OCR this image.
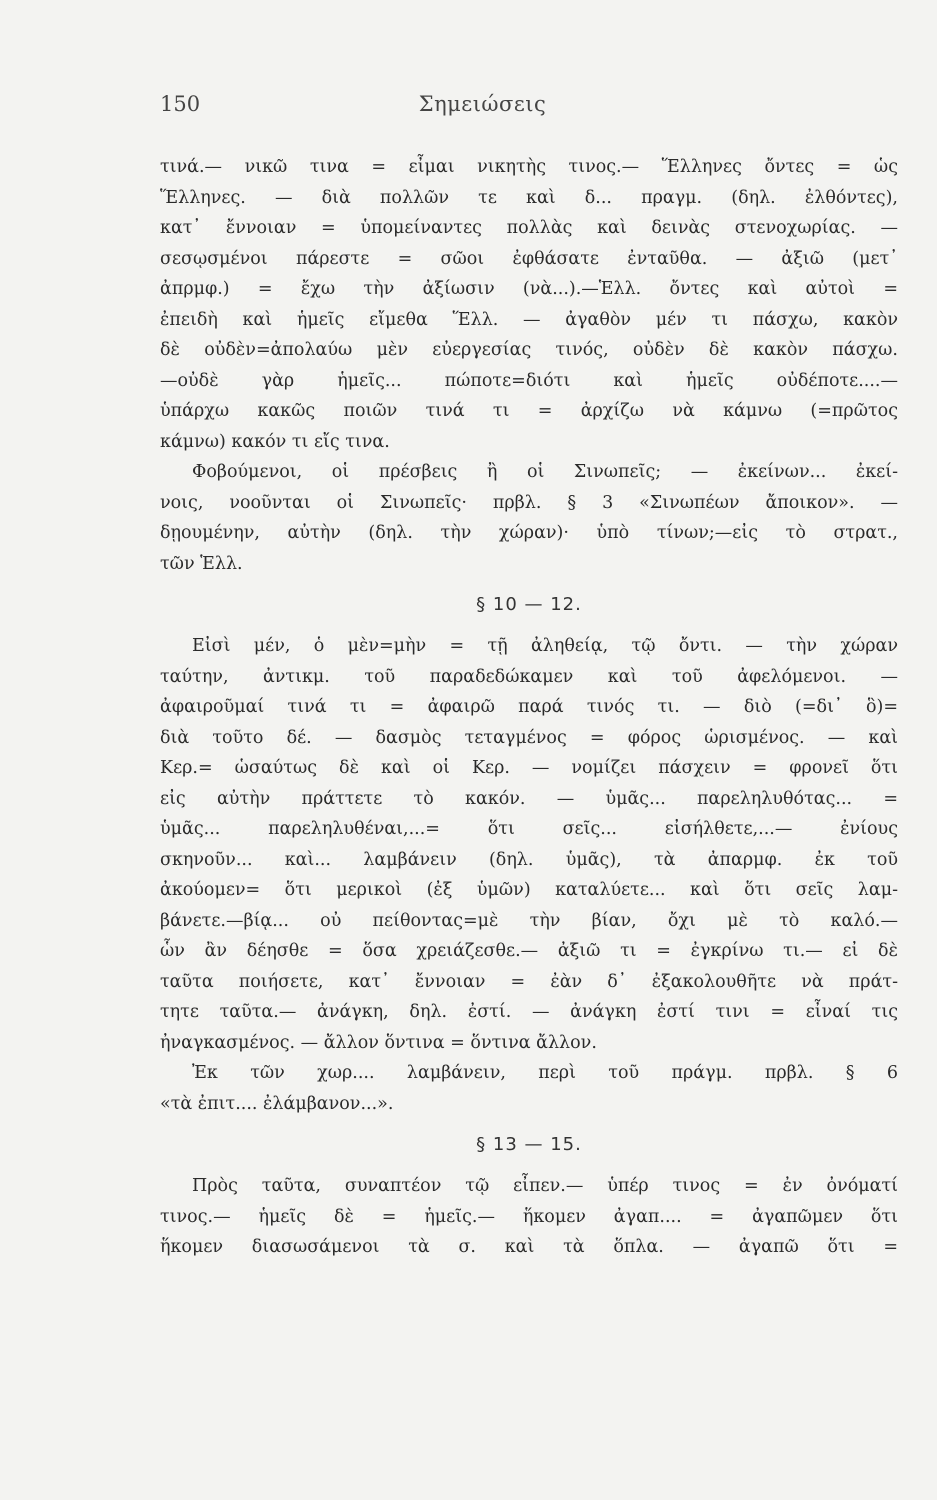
150	Σημειώσεις
τινά.— νικῶ τινα = εἶμαι νικητὴς τινος.— Ἕλληνες ὄντες = ὡς
Ἕλληνες. — διὰ πολλῶν τε καὶ δ... πραγμ. (δηλ. ἐλθόντες),
κατ᾽ ἔννοιαν = ὑπομείναντες πολλὰς καὶ δεινὰς στενοχωρίας. —
σεσῳσμένοι πάρεστε = σῶοι ἐφθάσατε ἐνταῦθα. — ἀξιῶ (μετ᾽
ἀπρμφ.) = ἔχω τὴν ἀξίωσιν (νὰ...).—Ἑλλ. ὄντες καὶ αὐτοὶ =
ἐπειδὴ καὶ ἡμεῖς εἴμεθα Ἕλλ. — ἀγαθὸν μέν τι πάσχω, κακὸν
δὲ οὐδὲν=ἀπολαύω μὲν εὐεργεσίας τινός, οὐδὲν δὲ κακὸν πάσχω.
—οὐδὲ γὰρ ἡμεῖς... πώποτε=διότι καὶ ἡμεῖς οὐδέποτε....—
ὑπάρχω κακῶς ποιῶν τινά τι = ἀρχίζω νὰ κάμνω (=πρῶτος
κάμνω) κακόν τι εἴς τινα.
Φοβούμενοι, οἱ πρέσβεις ἢ οἱ Σινωπεῖς; — ἐκείνων... ἐκεί-
νοις, νοοῦνται οἱ Σινωπεῖς· πρβλ. § 3 «Σινωπέων ἄποικον». —
δῃουμένην, αὐτὴν (δηλ. τὴν χώραν)· ὑπὸ τίνων;—εἰς τὸ στρατ.,
τῶν Ἑλλ.
§ 10 — 12.
Εἰσὶ μέν, ὁ μὲν=μὴν = τῇ ἀληθείᾳ, τῷ ὄντι. — τὴν χώραν
ταύτην, ἀντικμ. τοῦ παραδεδώκαμεν καὶ τοῦ ἀφελόμενοι. —
ἀφαιροῦμαί τινά τι = ἀφαιρῶ παρά τινός τι. — διὸ (=δι᾽ ὃ)=
διὰ τοῦτο δέ. — δασμὸς τεταγμένος = φόρος ὡρισμένος. — καὶ
Κερ.= ὡσαύτως δὲ καὶ οἱ Κερ. — νομίζει πάσχειν = φρονεῖ ὅτι
εἰς αὐτὴν πράττετε τὸ κακόν. — ὑμᾶς... παρεληλυθότας... =
ὑμᾶς... παρεληλυθέναι,...= ὅτι σεῖς... εἰσήλθετε,...— ἐνίους
σκηνοῦν... καὶ... λαμβάνειν (δηλ. ὑμᾶς), τὰ ἀπαρμφ. ἐκ τοῦ
ἀκούομεν= ὅτι μερικοὶ (ἐξ ὑμῶν) καταλύετε... καὶ ὅτι σεῖς λαμ-
βάνετε.—βίᾳ... οὐ πείθοντας=μὲ τὴν βίαν, ὄχι μὲ τὸ καλό.—
ὧν ἂν δέησθε = ὅσα χρειάζεσθε.— ἀξιῶ τι = ἐγκρίνω τι.— εἰ δὲ
ταῦτα ποιήσετε, κατ᾽ ἔννοιαν = ἐὰν δ᾽ ἐξακολουθῆτε νὰ πράτ-
τητε ταῦτα.— ἀνάγκη, δηλ. ἐστί. — ἀνάγκη ἐστί τινι = εἶναί τις
ἠναγκασμένος. — ἄλλον ὅντινα = ὅντινα ἄλλον.
Ἐκ τῶν χωρ.... λαμβάνειν, περὶ τοῦ πράγμ. πρβλ. § 6
«τὰ ἐπιτ.... ἐλάμβανον...».
§ 13 — 15.
Πρὸς ταῦτα, συναπτέον τῷ εἶπεν.— ὑπέρ τινος = ἐν ὀνόματί
τινος.— ἡμεῖς δὲ = ἡμεῖς.— ἥκομεν ἀγαπ.... = ἀγαπῶμεν ὅτι
ἥκομεν διασωσάμενοι τὰ σ. καὶ τὰ ὅπλα. — ἀγαπῶ ὅτι =
